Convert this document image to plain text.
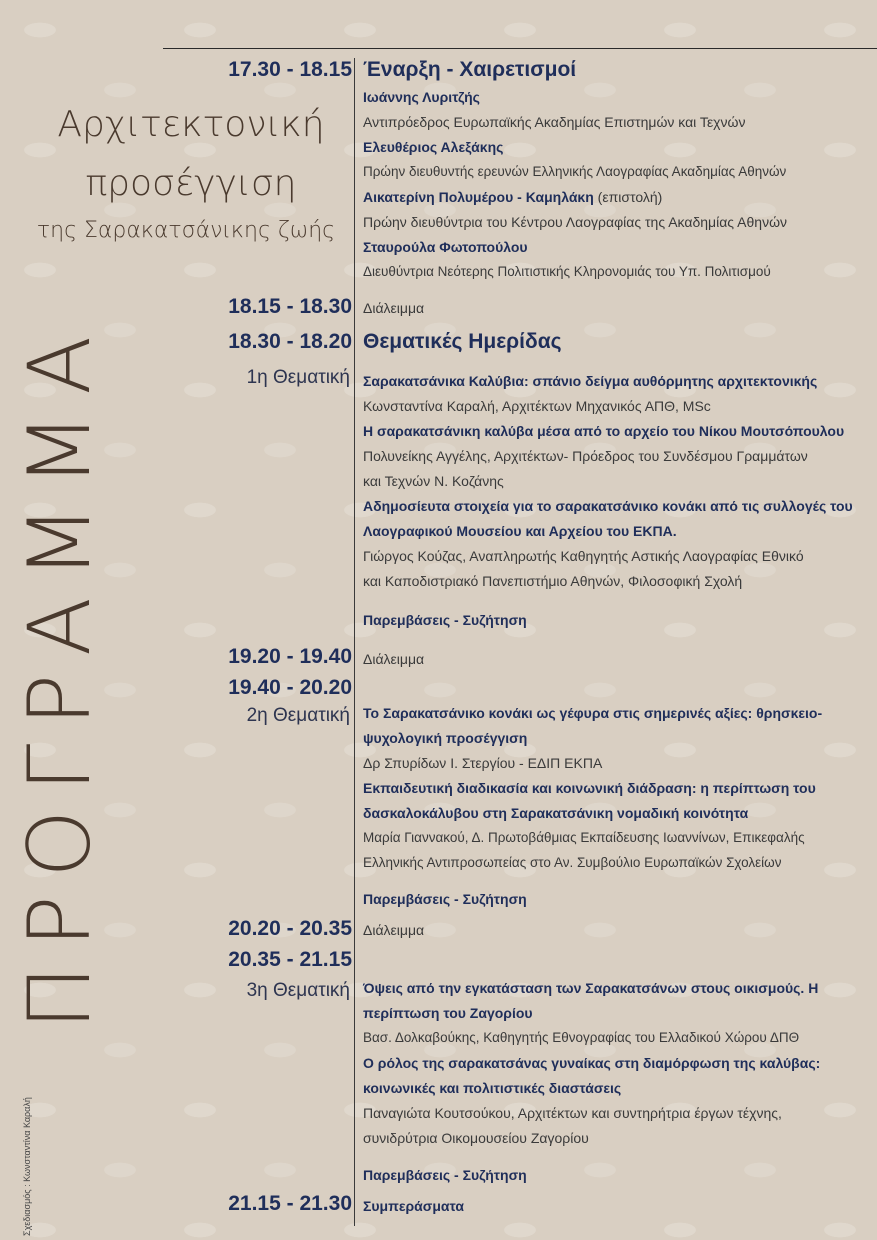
Αρχιτεκτονική
προσέγγιση
της Σαρακατσάνικης ζωής
ΠΡΟΓΡΑΜΜΑ
Σχεδιασμός : Κωνσταντίνα Καραλή
17.30 - 18.15
18.15 - 18.30
18.30 - 18.20
1η Θεματική
19.20 - 19.40
19.40 - 20.20
2η Θεματική
20.20 - 20.35
20.35 - 21.15
3η Θεματική
21.15 - 21.30
Έναρξη - Χαιρετισμοί
Ιωάννης Λυριτζής
Αντιπρόεδρος Ευρωπαϊκής Ακαδημίας Επιστημών και Τεχνών
Ελευθέριος Αλεξάκης
Πρώην διευθυντής ερευνών Ελληνικής Λαογραφίας Ακαδημίας Αθηνών
Αικατερίνη Πολυμέρου - Καμηλάκη (επιστολή)
Πρώην διευθύντρια του Κέντρου Λαογραφίας της Ακαδημίας Αθηνών
Σταυρούλα Φωτοπούλου
Διευθύντρια Νεότερης Πολιτιστικής Κληρονομιάς του Υπ. Πολιτισμού
Διάλειμμα
Θεματικές Ημερίδας
Σαρακατσάνικα Καλύβια: σπάνιο δείγμα αυθόρμητης αρχιτεκτονικής
Κωνσταντίνα Καραλή, Αρχιτέκτων Μηχανικός ΑΠΘ, MSc
Η σαρακατσάνικη καλύβα μέσα από το αρχείο του Νίκου Μουτσόπουλου
Πολυνείκης Αγγέλης, Αρχιτέκτων- Πρόεδρος του Συνδέσμου Γραμμάτων
και Τεχνών Ν. Κοζάνης
Αδημοσίευτα στοιχεία για το σαρακατσάνικο κονάκι από τις συλλογές του
Λαογραφικού Μουσείου και Αρχείου του ΕΚΠΑ.
Γιώργος Κούζας, Αναπληρωτής Καθηγητής Αστικής Λαογραφίας Εθνικό
και Καποδιστριακό Πανεπιστήμιο Αθηνών, Φιλοσοφική Σχολή
Παρεμβάσεις - Συζήτηση
Διάλειμμα
Το Σαρακατσάνικο κονάκι ως γέφυρα στις σημερινές αξίες: θρησκειο-
ψυχολογική προσέγγιση
Δρ Σπυρίδων Ι. Στεργίου - ΕΔΙΠ ΕΚΠΑ
Εκπαιδευτική διαδικασία και κοινωνική διάδραση: η περίπτωση του
δασκαλοκάλυβου στη Σαρακατσάνικη νομαδική κοινότητα
Μαρία Γιαννακού, Δ. Πρωτοβάθμιας Εκπαίδευσης Ιωαννίνων, Επικεφαλής
Ελληνικής Αντιπροσωπείας στο Αν. Συμβούλιο Ευρωπαϊκών Σχολείων
Παρεμβάσεις - Συζήτηση
Διάλειμμα
Όψεις από την εγκατάσταση των Σαρακατσάνων στους οικισμούς. Η
περίπτωση του Ζαγορίου
Βασ. Δολκαβούκης, Καθηγητής Εθνογραφίας του Ελλαδικού Χώρου ΔΠΘ
Ο ρόλος της σαρακατσάνας γυναίκας στη διαμόρφωση της καλύβας:
κοινωνικές και πολιτιστικές διαστάσεις
Παναγιώτα Κουτσούκου, Αρχιτέκτων και συντηρήτρια έργων τέχνης,
συνιδρύτρια Οικομουσείου Ζαγορίου
Παρεμβάσεις - Συζήτηση
Συμπεράσματα
